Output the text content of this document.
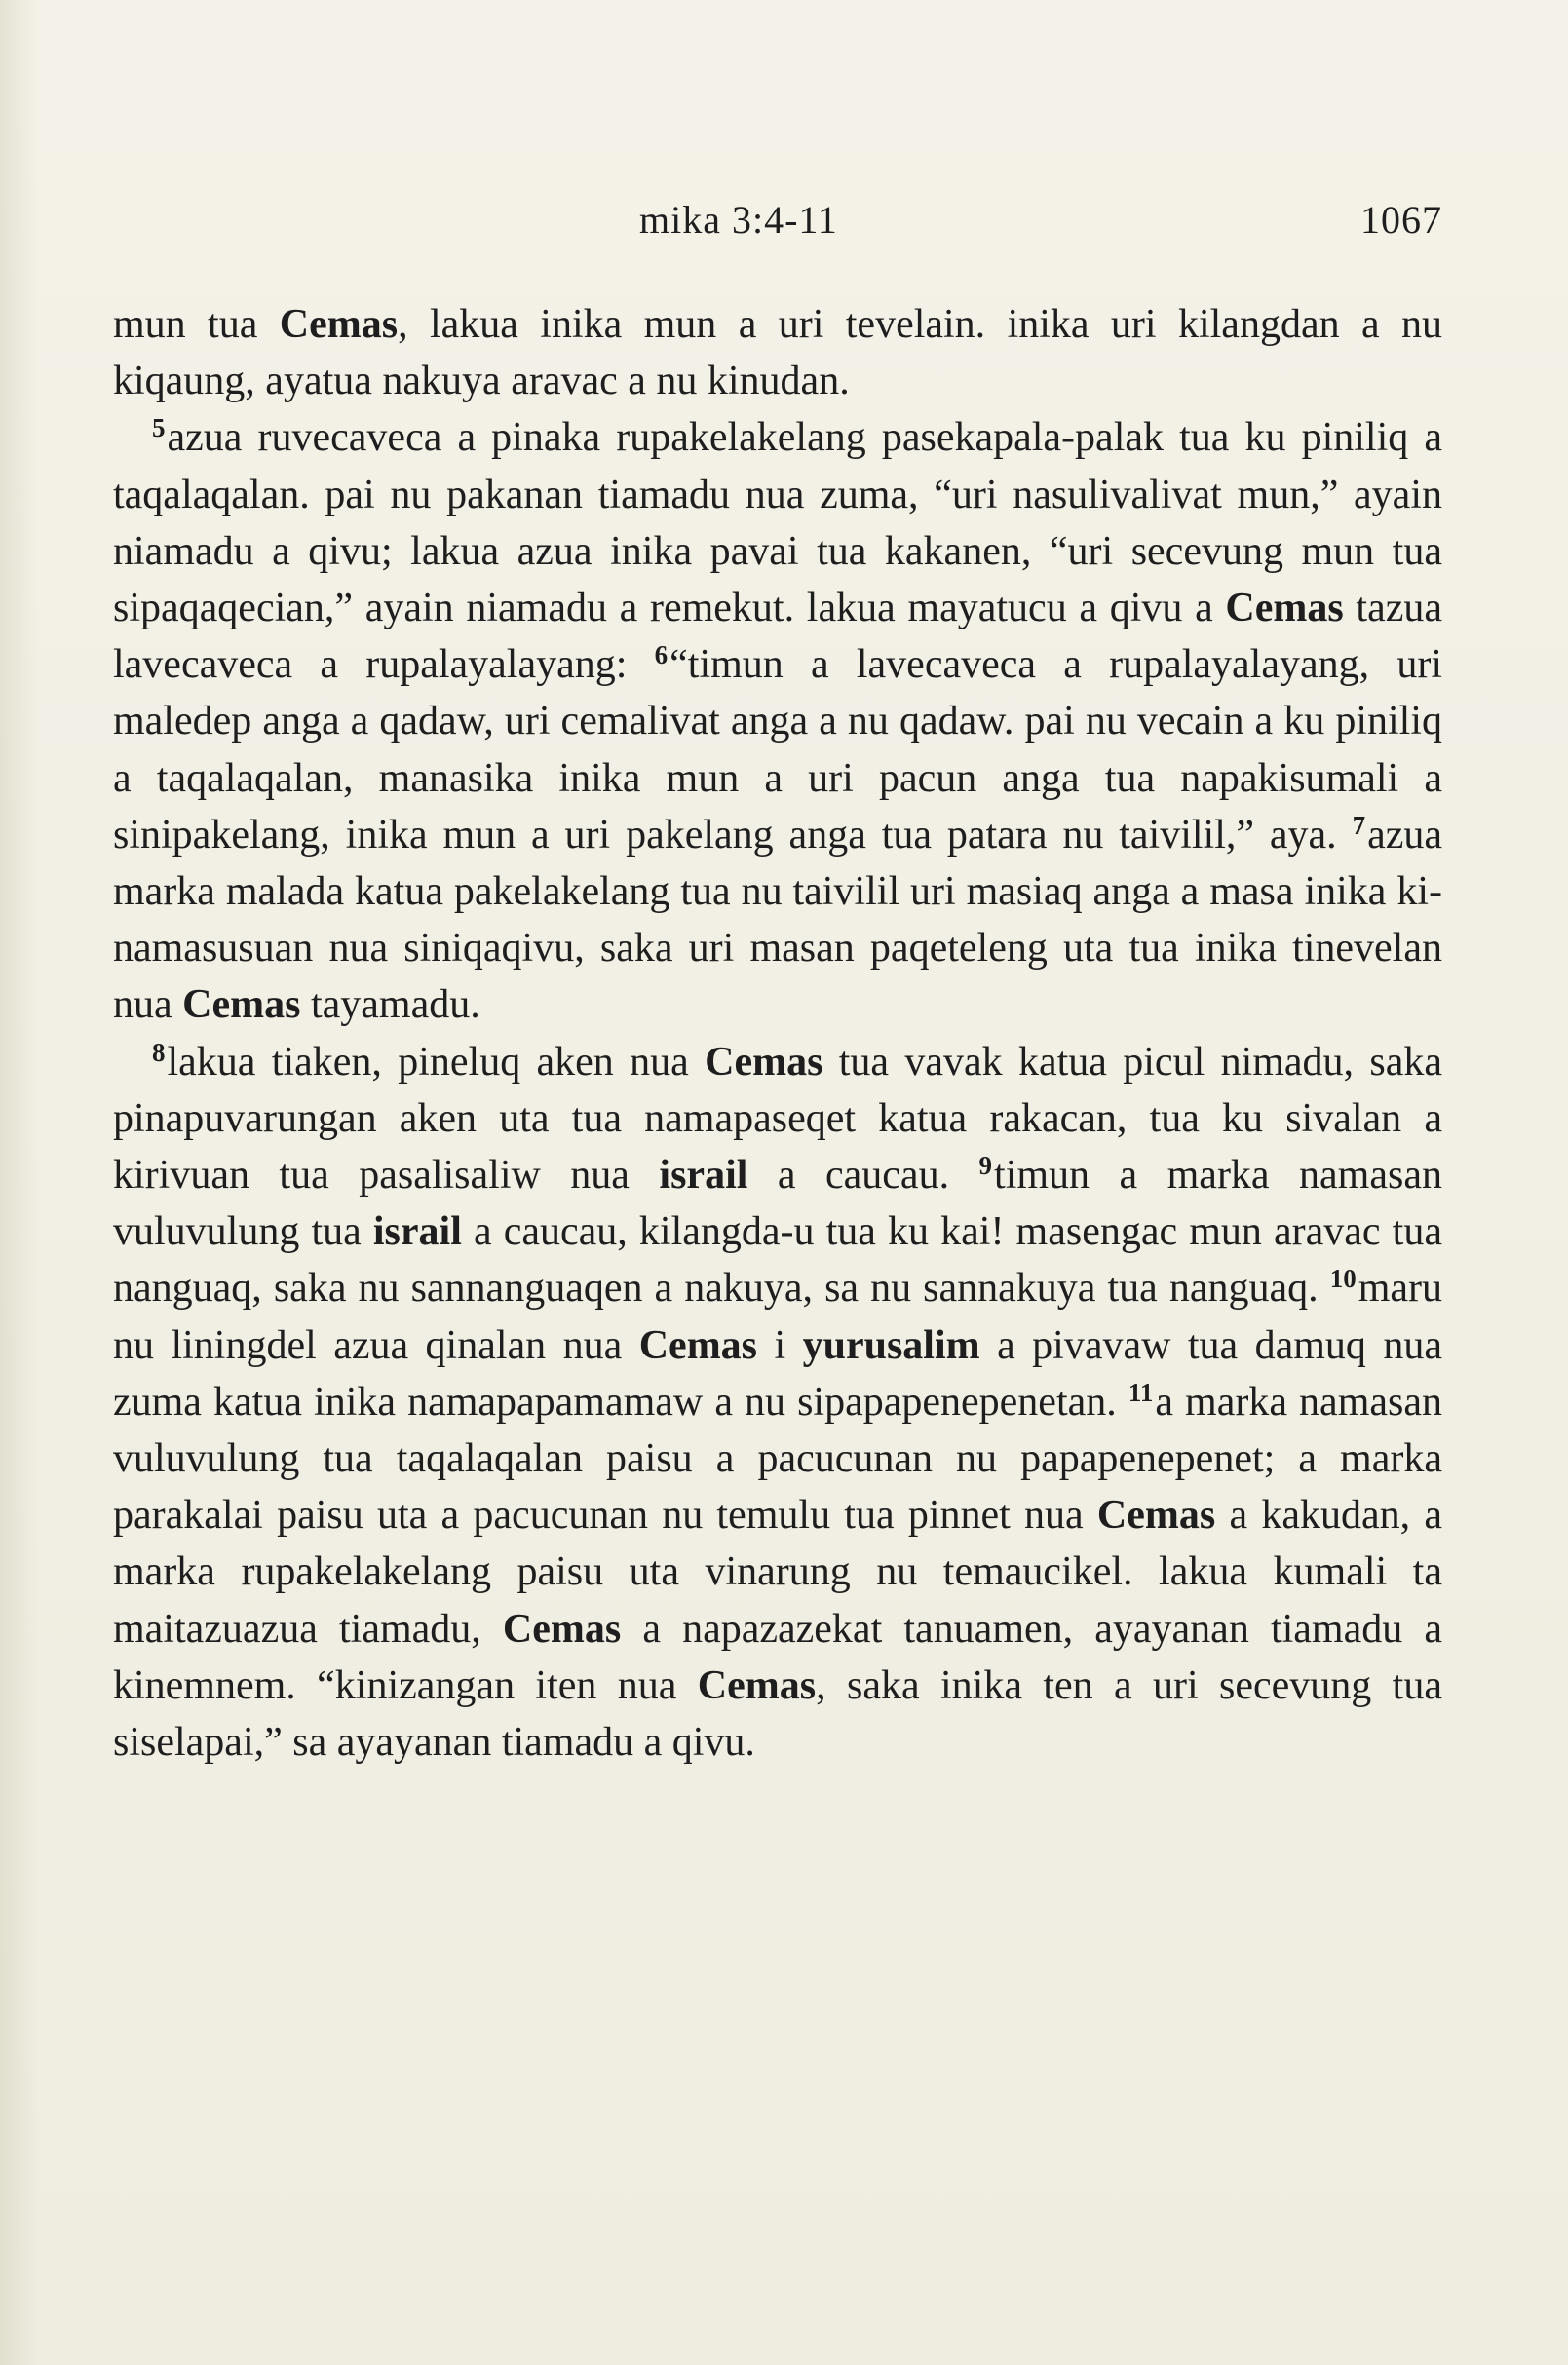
mika 3:4-11	1067

mun tua Cemas, lakua inika mun a uri tevelain. inika uri kilangdan a nu kiqaung, ayatua nakuya aravac a nu kinudan.

$^5$azua ruvecaveca a pinaka rupakelakelang pasekapala-palak tua ku piniliq a taqalaqalan. pai nu pakanan tiamadu nua zuma, “uri nasulivalivat mun,” ayain niamadu a qivu; lakua azua inika pavai tua kakanen, “uri secevung mun tua sipaqaqecian,” ayain niamadu a remekut. lakua mayatucu a qivu a Cemas tazua lavecaveca a rupalayalayang: $^6$“timun a lavecaveca a rupalayalayang, uri maledep anga a qadaw, uri cemalivat anga a nu qadaw. pai nu vecain a ku piniliq a taqalaqalan, manasika inika mun a uri pacun anga tua napakisumali a sinipakelang, inika mun a uri pakelang anga tua patara nu taivilil,” aya. $^7$azua marka malada katua pakelakelang tua nu taivilil uri masiaq anga a masa inika ki-namasusuan nua siniqaqivu, saka uri masan paqeteleng uta tua inika tinevelan nua Cemas tayamadu.

$^8$lakua tiaken, pineluq aken nua Cemas tua vavak katua picul nimadu, saka pinapuvarungan aken uta tua namapaseqet katua rakacan, tua ku sivalan a kirivuan tua pasalisaliw nua israil a caucau. $^9$timun a marka namasan vuluvulung tua israil a caucau, kilangda-u tua ku kai! masengac mun aravac tua nanguaq, saka nu sannanguaqen a nakuya, sa nu sannakuya tua nanguaq. $^{10}$maru nu liningdel azua qinalan nua Cemas i yurusalim a pivavaw tua damuq nua zuma katua inika namapapamamaw a nu sipapapenepenetan. $^{11}$a marka namasan vuluvulung tua taqalaqalan paisu a pacucunan nu papapenepenet; a marka parakalai paisu uta a pacucunan nu temulu tua pinnet nua Cemas a kakudan, a marka rupakelakelang paisu uta vinarung nu temaucikel. lakua kumali ta maitazuazua tiamadu, Cemas a napazazekat tanuamen, ayayanan tiamadu a kinemnem. “kinizangan iten nua Cemas, saka inika ten a uri secevung tua siselapai,” sa ayayanan tiamadu a qivu.
